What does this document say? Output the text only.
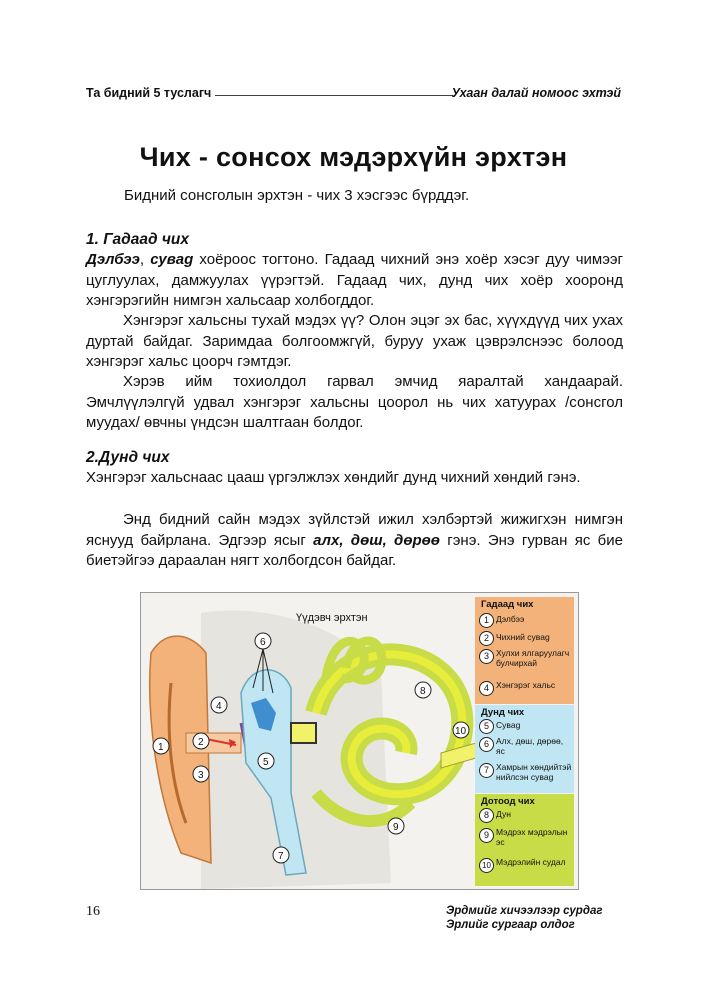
Та бидний 5 туслагч	Ухаан далай номоос эхтэй
Чих - сонсох мэдэрхүйн эрхтэн
Бидний сонсголын эрхтэн - чих 3 хэсгээс бүрддэг.
1. Гадаад чих
Дэлбээ, сувag хоёроос тогтоно. Гадаад чихний энэ хоёр хэсэг дуу чимээг цуглуулах, дамжуулах үүрэгтэй. Гадаад чих, дунд чих хоёр хооронд хэнгэрэгийн нимгэн хальсаар холбогддог.
Хэнгэрэг хальсны тухай мэдэх үү? Олон эцэг эх бас, хүүхдүүд чих ухах дуртай байдаг. Заримдаа болгоомжгүй, буруу ухаж цэврэлснээс болоод хэнгэрэг хальс цоорч гэмтдэг.
Хэрэв ийм тохиолдол гарвал эмчид яаралтай хандаарай. Эмчлүүлэлгүй удвал хэнгэрэг хальсны цоорол нь чих хатуурах /сонсгол муудах/ өвчны үндсэн шалтгаан болдог.
2.Дунд чих
Хэнгэрэг хальснаас цааш үргэлжлэх хөндийг дунд чихний хөндий гэнэ.
Энд бидний сайн мэдэх зүйлстэй ижил хэлбэртэй жижигхэн нимгэн яснууд байрлана. Эдгээр ясыг алх, дөш, дөрөө гэнэ. Энэ гурван яс бие биетэйгээ дараалан нягт холбогдсон байдаг.
Үүдэвч эрхтэн
1	2
3
4
5
6
7
8
9
10
Гадаад чих
1 Дэлбээ
2 Чихний сувag
3 Хулхи ялгаруулагч булчирхай
4 Хэнгэрэг хальс
Дунд чих
5 Сувag
6 Алх, дөш, дөрөө, яс
7 Хамрын хөндийтэй нийлсэн сувag
Дотоод чих
8 Дун
9 Мэдрэх мэдрэлын эс
10 Мэдрэлийн судал
16	Эрдмийг хичээлээр сурдаг
Эрлийг сургаар олдог
